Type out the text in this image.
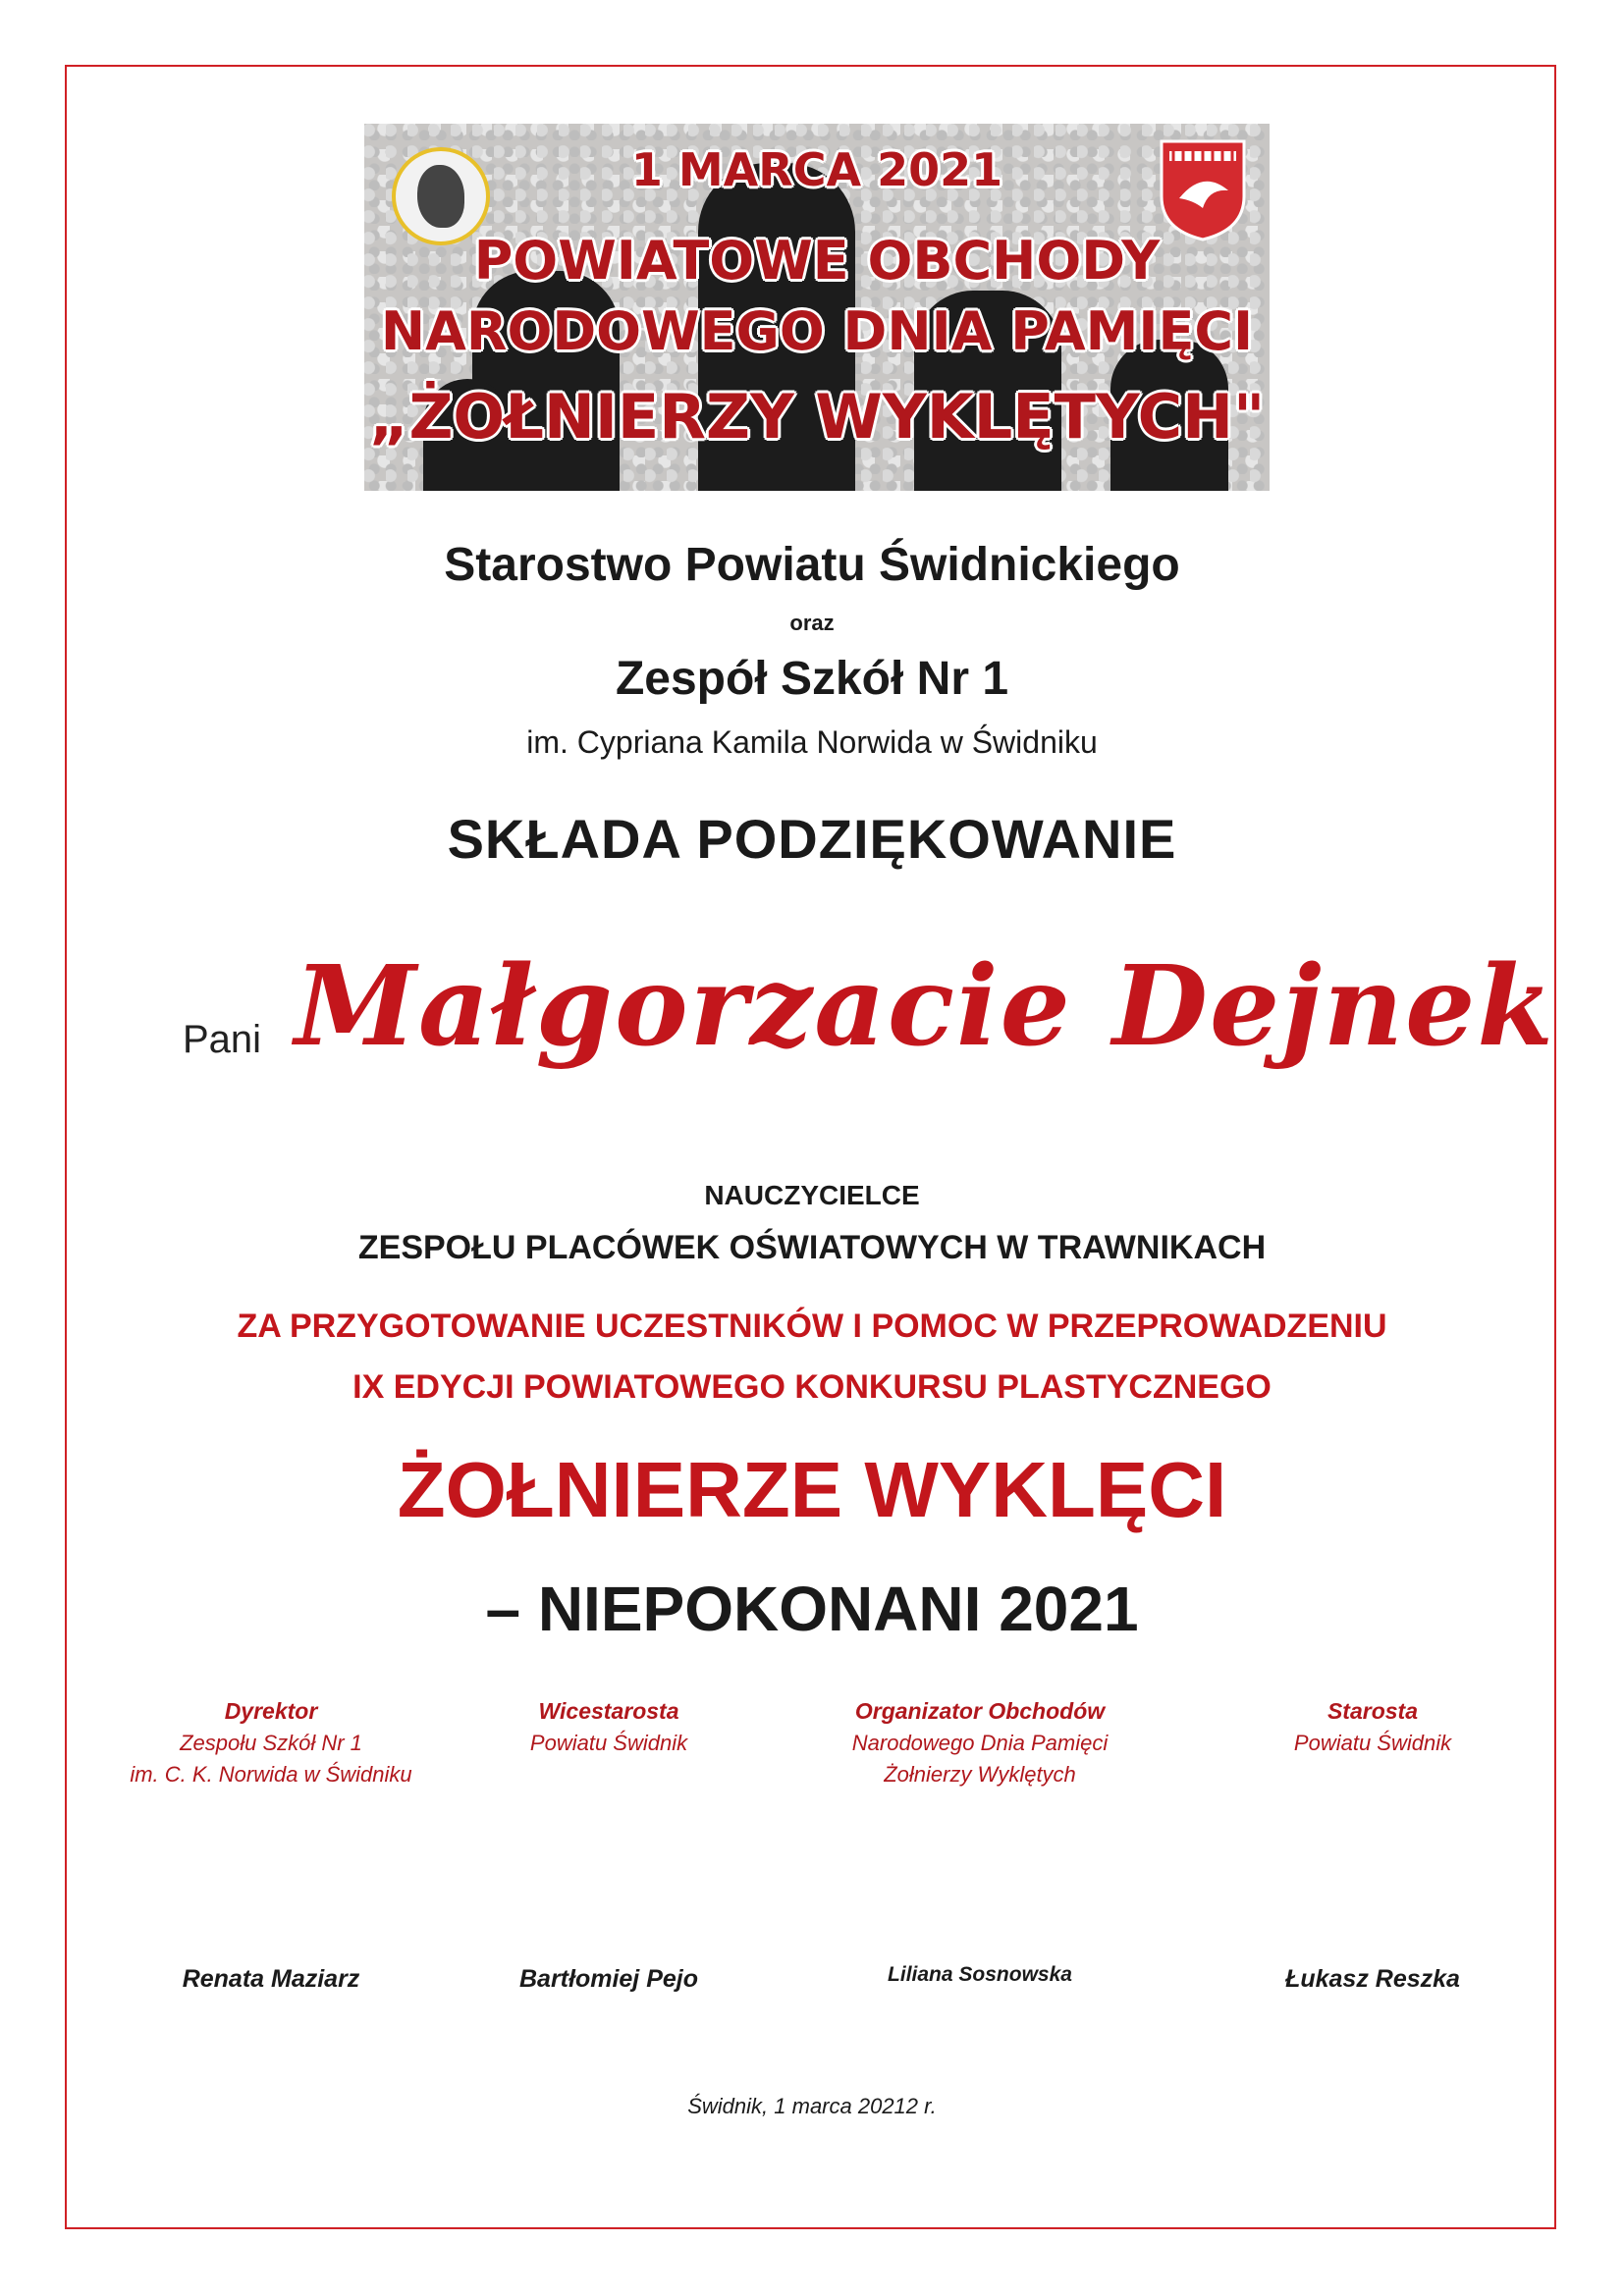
1 MARCA 2021
POWIATOWE OBCHODY
NARODOWEGO DNIA PAMIĘCI
„ŻOŁNIERZY WYKLĘTYCH"
Starostwo Powiatu Świdnickiego
oraz
Zespół Szkół Nr 1
im. Cypriana Kamila Norwida w Świdniku
SKŁADA PODZIĘKOWANIE
Pani Małgorzacie Dejnek
NAUCZYCIELCE
ZESPOŁU PLACÓWEK OŚWIATOWYCH W TRAWNIKACH
ZA PRZYGOTOWANIE UCZESTNIKÓW I POMOC W PRZEPROWADZENIU
IX EDYCJI POWIATOWEGO KONKURSU PLASTYCZNEGO
ŻOŁNIERZE WYKLĘCI
– NIEPOKONANI 2021
Dyrektor
Zespołu Szkół Nr 1
im. C. K. Norwida w Świdniku
Wicestarosta
Powiatu Świdnik
Organizator Obchodów
Narodowego Dnia Pamięci
Żołnierzy Wyklętych
Starosta
Powiatu Świdnik
Renata Maziarz	Bartłomiej Pejo	Liliana Sosnowska	Łukasz Reszka
Świdnik, 1 marca 20212 r.
